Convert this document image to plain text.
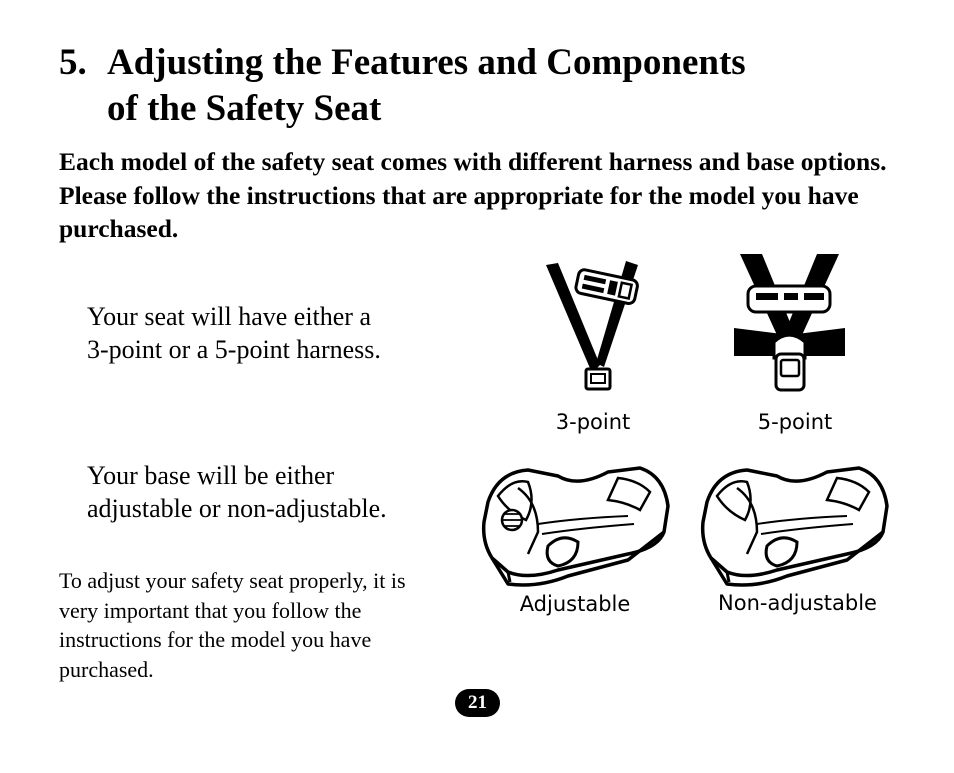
5. Adjusting the Features and Components
of the Safety Seat

Each model of the safety seat comes with different harness and base options. Please follow the instructions that are appropriate for the model you have purchased.

Your seat will have either a
3-point or a 5-point harness.
Your base will be either
adjustable or non-adjustable.

To adjust your safety seat properly, it is very important that you follow the instructions for the model you have purchased.

3-point	5-point
Adjustable	Non-adjustable
21
